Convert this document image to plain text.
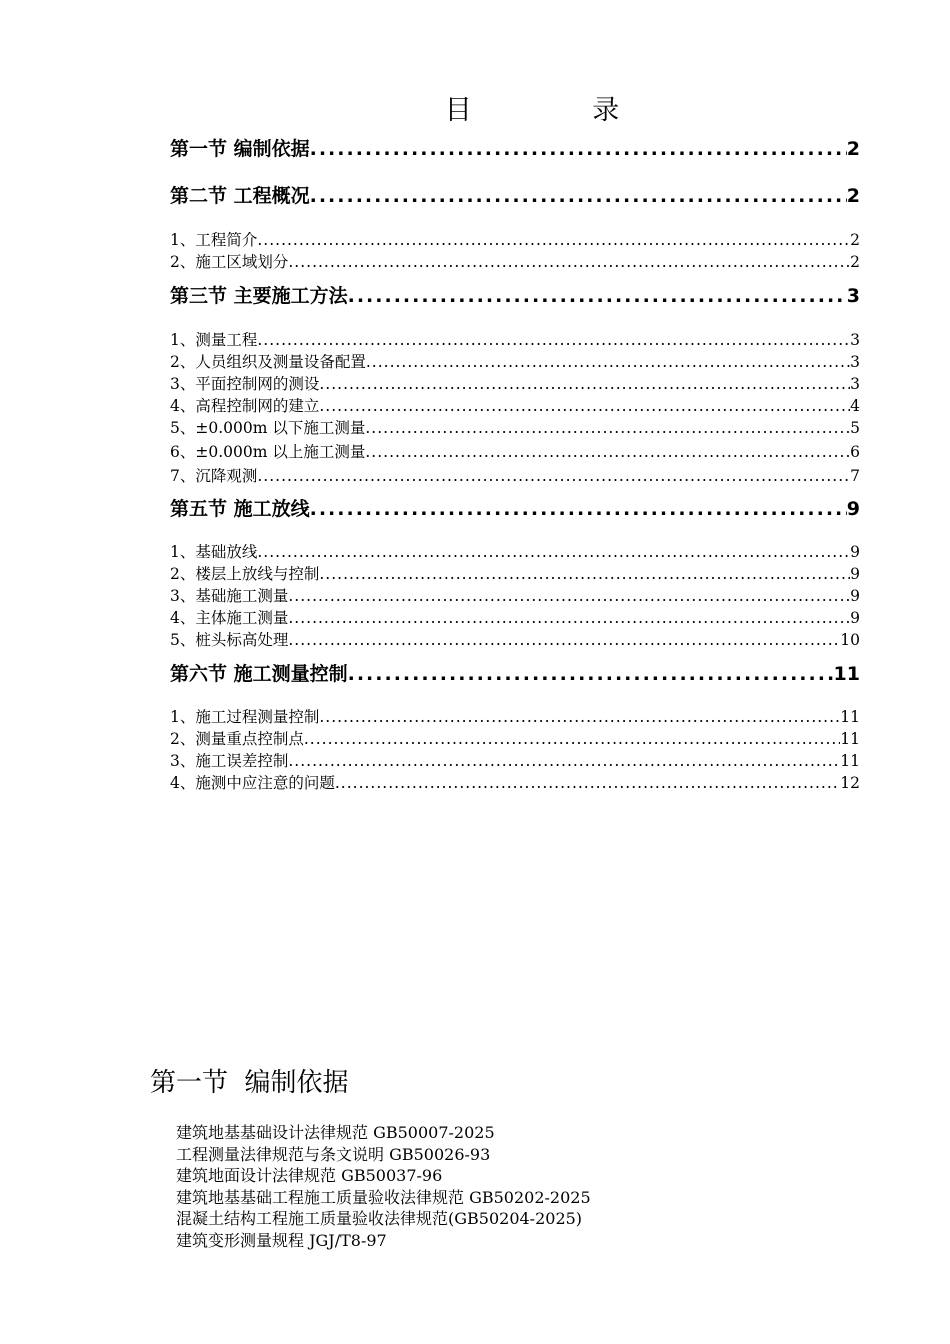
目 录
第一节 编制依据 .....	2
第二节 工程概况 .....	2
1、工程简介 .....	2
2、施工区域划分 .....	2
第三节 主要施工方法 .....	3
1、测量工程 .....	3
2、人员组织及测量设备配置 .....	3
3、平面控制网的测设 .....	3
4、高程控制网的建立 .....	4
5、±0.000m 以下施工测量 .....	5
6、±0.000m 以上施工测量 .....	6
7、沉降观测 .....	7
第五节 施工放线 .....	9
1、基础放线 .....	9
2、楼层上放线与控制 .....	9
3、基础施工测量 .....	9
4、主体施工测量 .....	9
5、桩头标高处理 .....	10
第六节 施工测量控制 .....	11
1、施工过程测量控制 .....	11
2、测量重点控制点 .....	11
3、施工误差控制 .....	11
4、施测中应注意的问题 .....	12
第一节  编制依据
建筑地基基础设计法律规范 GB50007-2025
工程测量法律规范与条文说明 GB50026-93
建筑地面设计法律规范 GB50037-96
建筑地基基础工程施工质量验收法律规范 GB50202-2025
混凝土结构工程施工质量验收法律规范(GB50204-2025)
建筑变形测量规程 JGJ/T8-97
